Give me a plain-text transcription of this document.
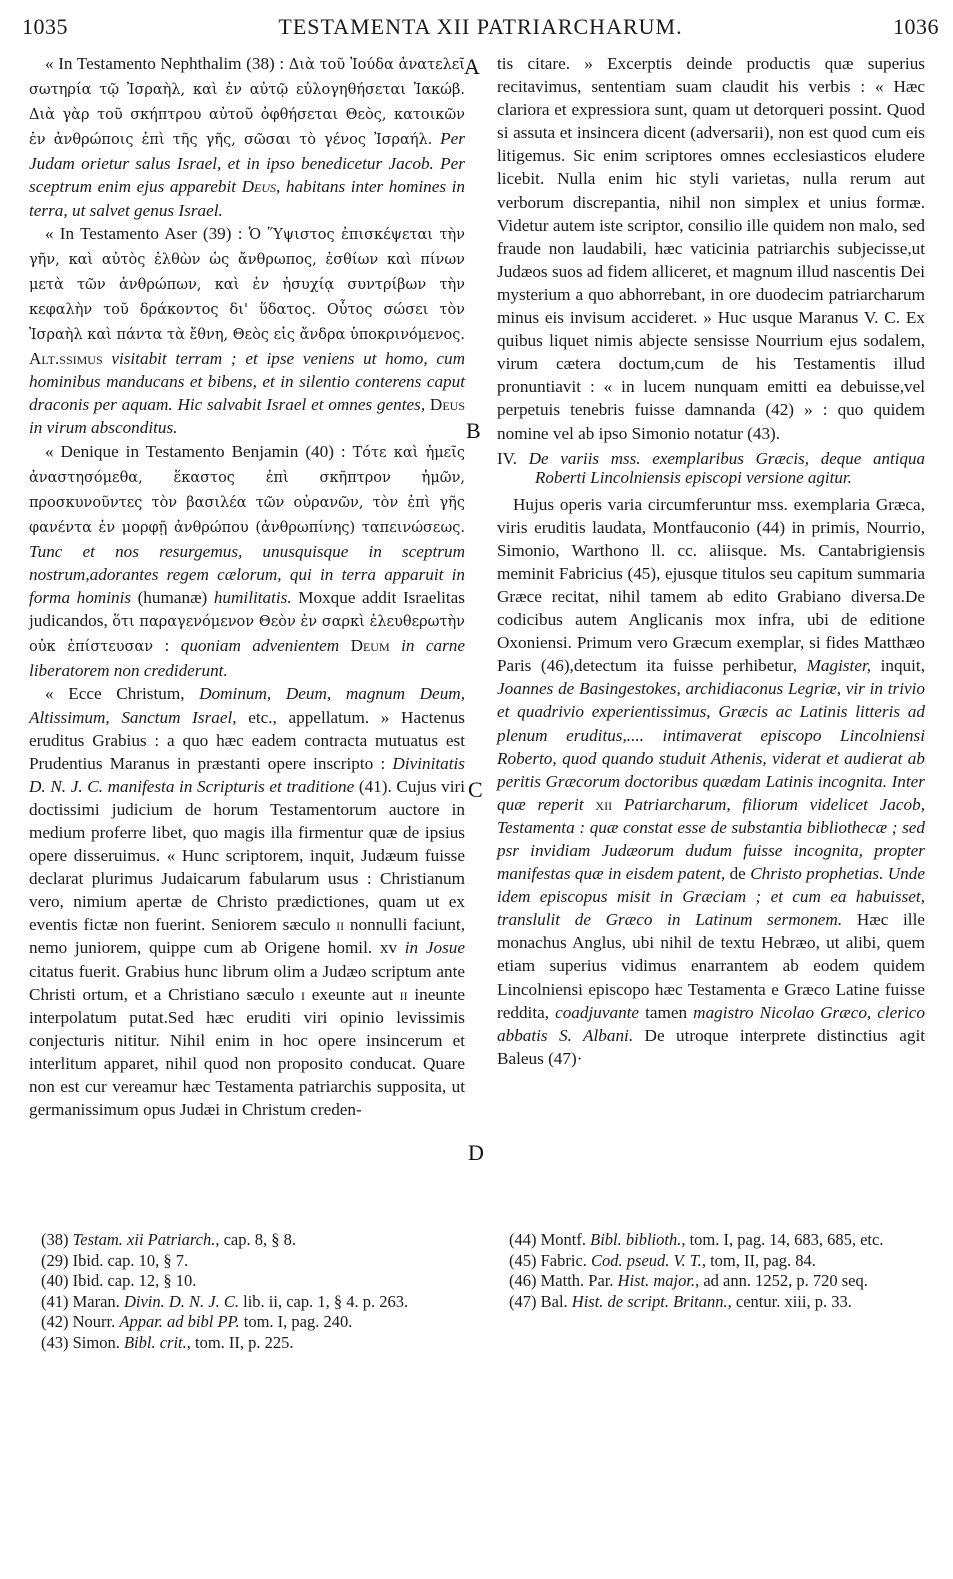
1035	TESTAMENTA XII PATRIARCHARUM.	1036
A
B
C
D

« In Testamento Nephthalim (38) : Διὰ τοῦ Ἰούδα ἀνατελεῖ σωτηρία τῷ Ἰσραὴλ, καὶ ἐν αὐτῷ εὐλογηθήσεται Ἰακώβ. Διὰ γὰρ τοῦ σκήπτρου αὐτοῦ ὀφθήσεται Θεὸς, κατοικῶν ἐν ἀνθρώποις ἐπὶ τῆς γῆς, σῶσαι τὸ γένος Ἰσραήλ. Per Judam orietur salus Israel, et in ipso benedicetur Jacob. Per sceptrum enim ejus apparebit Deus, habitans inter homines in terra, ut salvet genus Israel.

« In Testamento Aser (39) : Ὁ Ὕψιστος ἐπισκέψεται τὴν γῆν, καὶ αὐτὸς ἐλθὼν ὡς ἄνθρωπος, ἐσθίων καὶ πίνων μετὰ τῶν ἀνθρώπων, καὶ ἐν ἡσυχίᾳ συντρίβων τὴν κεφαλὴν τοῦ δράκοντος δι' ὕδατος. Οὗτος σώσει τὸν Ἰσραὴλ καὶ πάντα τὰ ἔθνη, Θεὸς εἰς ἄνδρα ὑποκρινόμενος. Alt.ssimus visitabit terram ; et ipse veniens ut homo, cum hominibus manducans et bibens, et in silentio conterens caput draconis per aquam. Hic salvabit Israel et omnes gentes, Deus in virum absconditus.

« Denique in Testamento Benjamin (40) : Τότε καὶ ἡμεῖς ἀναστησόμεθα, ἕκαστος ἐπὶ σκῆπτρον ἡμῶν, προσκυνοῦντες τὸν βασιλέα τῶν οὐρανῶν, τὸν ἐπὶ γῆς φανέντα ἐν μορφῇ ἀνθρώπου (ἀνθρωπίνης) ταπεινώσεως. Tunc et nos resurgemus, unusquisque in sceptrum nostrum,adorantes regem cælorum, qui in terra apparuit in forma hominis (humanæ) humilitatis. Moxque addit Israelitas judicandos, ὅτι παραγενόμενον Θεὸν ἐν σαρκὶ ἐλευθερωτὴν οὐκ ἐπίστευσαν : quoniam advenientem Deum in carne liberatorem non crediderunt.

« Ecce Christum, Dominum, Deum, magnum Deum, Altissimum, Sanctum Israel, etc., appellatum. » Hactenus eruditus Grabius : a quo hæc eadem contracta mutuatus est Prudentius Maranus in præstanti opere inscripto : Divinitatis D. N. J. C. manifesta in Scripturis et traditione (41). Cujus viri doctissimi judicium de horum Testamentorum auctore in medium proferre libet, quo magis illa firmentur quæ de ipsius opere disseruimus. « Hunc scriptorem, inquit, Judæum fuisse declarat plurimus Judaicarum fabularum usus : Christianum vero, nimium apertæ de Christo prædictiones, quam ut ex eventis fictæ non fuerint. Seniorem sæculo ii nonnulli faciunt, nemo juniorem, quippe cum ab Origene homil. xv in Josue citatus fuerit. Grabius hunc librum olim a Judæo scriptum ante Christi ortum, et a Christiano sæculo i exeunte aut ii ineunte interpolatum putat.Sed hæc eruditi viri opinio levissimis conjecturis nititur. Nihil enim in hoc opere insincerum et interlitum apparet, nihil quod non proposito conducat. Quare non est cur vereamur hæc Testamenta patriarchis supposita, ut germanissimum opus Judæi in Christum creden-

tis citare. » Excerptis deinde productis quæ superius recitavimus, sententiam suam claudit his verbis : « Hæc clariora et expressiora sunt, quam ut detorqueri possint. Quod si assuta et insincera dicent (adversarii), non est quod cum eis litigemus. Sic enim scriptores omnes ecclesiasticos eludere licebit. Nulla enim hic styli varietas, nulla rerum aut verborum discrepantia, nihil non simplex et unius formæ. Videtur autem iste scriptor, consilio ille quidem non malo, sed fraude non laudabili, hæc vaticinia patriarchis subjecisse,ut Judæos suos ad fidem alliceret, et magnum illud nascentis Dei mysterium a quo abhorrebant, in ore duodecim patriarcharum minus eis invisum accideret. » Huc usque Maranus V. C. Ex quibus liquet nimis abjecte sensisse Nourrium ejus sodalem, virum cætera doctum,cum de his Testamentis illud pronuntiavit : « in lucem nunquam emitti ea debuisse,vel perpetuis tenebris fuisse damnanda (42) » : quo quidem nomine vel ab ipso Simonio notatur (43).

IV. De variis mss. exemplaribus Græcis, deque antiqua Roberti Lincolniensis episcopi versione agitur.

Hujus operis varia circumferuntur mss. exemplaria Græca, viris eruditis laudata, Montfauconio (44) in primis, Nourrio, Simonio, Warthono ll. cc. aliisque. Ms. Cantabrigiensis meminit Fabricius (45), ejusque titulos seu capitum summaria Græce recitat, nihil tamem ab edito Grabiano diversa.De codicibus autem Anglicanis mox infra, ubi de editione Oxoniensi. Primum vero Græcum exemplar, si fides Matthæo Paris (46),detectum ita fuisse perhibetur, Magister, inquit, Joannes de Basingestokes, archidiaconus Legriæ, vir in trivio et quadrivio experientissimus, Græcis ac Latinis litteris ad plenum eruditus,.... intimaverat episcopo Lincolniensi Roberto, quod quando studuit Athenis, viderat et audierat ab peritis Græcorum doctoribus quædam Latinis incognita. Inter quæ reperit xii Patriarcharum, filiorum videlicet Jacob, Testamenta : quæ constat esse de substantia bibliothecæ ; sed psr invidiam Judæorum dudum fuisse incognita, propter manifestas quæ in eisdem patent, de Christo prophetias. Unde idem episcopus misit in Græciam ; et cum ea habuisset, translulit de Græco in Latinum sermonem. Hæc ille monachus Anglus, ubi nihil de textu Hebræo, ut alibi, quem etiam superius vidimus enarrantem ab eodem quidem Lincolniensi episcopo hæc Testamenta e Græco Latine fuisse reddita, coadjuvante tamen magistro Nicolao Græco, clerico abbatis S. Albani. De utroque interprete distinctius agit Baleus (47)·

(38) Testam. xii Patriarch., cap. 8, § 8.

(29) Ibid. cap. 10, § 7.

(40) Ibid. cap. 12, § 10.

(41) Maran. Divin. D. N. J. C. lib. ii, cap. 1, § 4. p. 263.

(42) Nourr. Appar. ad bibl PP. tom. I, pag. 240.

(43) Simon. Bibl. crit., tom. II, p. 225.

(44) Montf. Bibl. biblioth., tom. I, pag. 14, 683, 685, etc.

(45) Fabric. Cod. pseud. V. T., tom, II, pag. 84.

(46) Matth. Par. Hist. major., ad ann. 1252, p. 720 seq.

(47) Bal. Hist. de script. Britann., centur. xiii, p. 33.
